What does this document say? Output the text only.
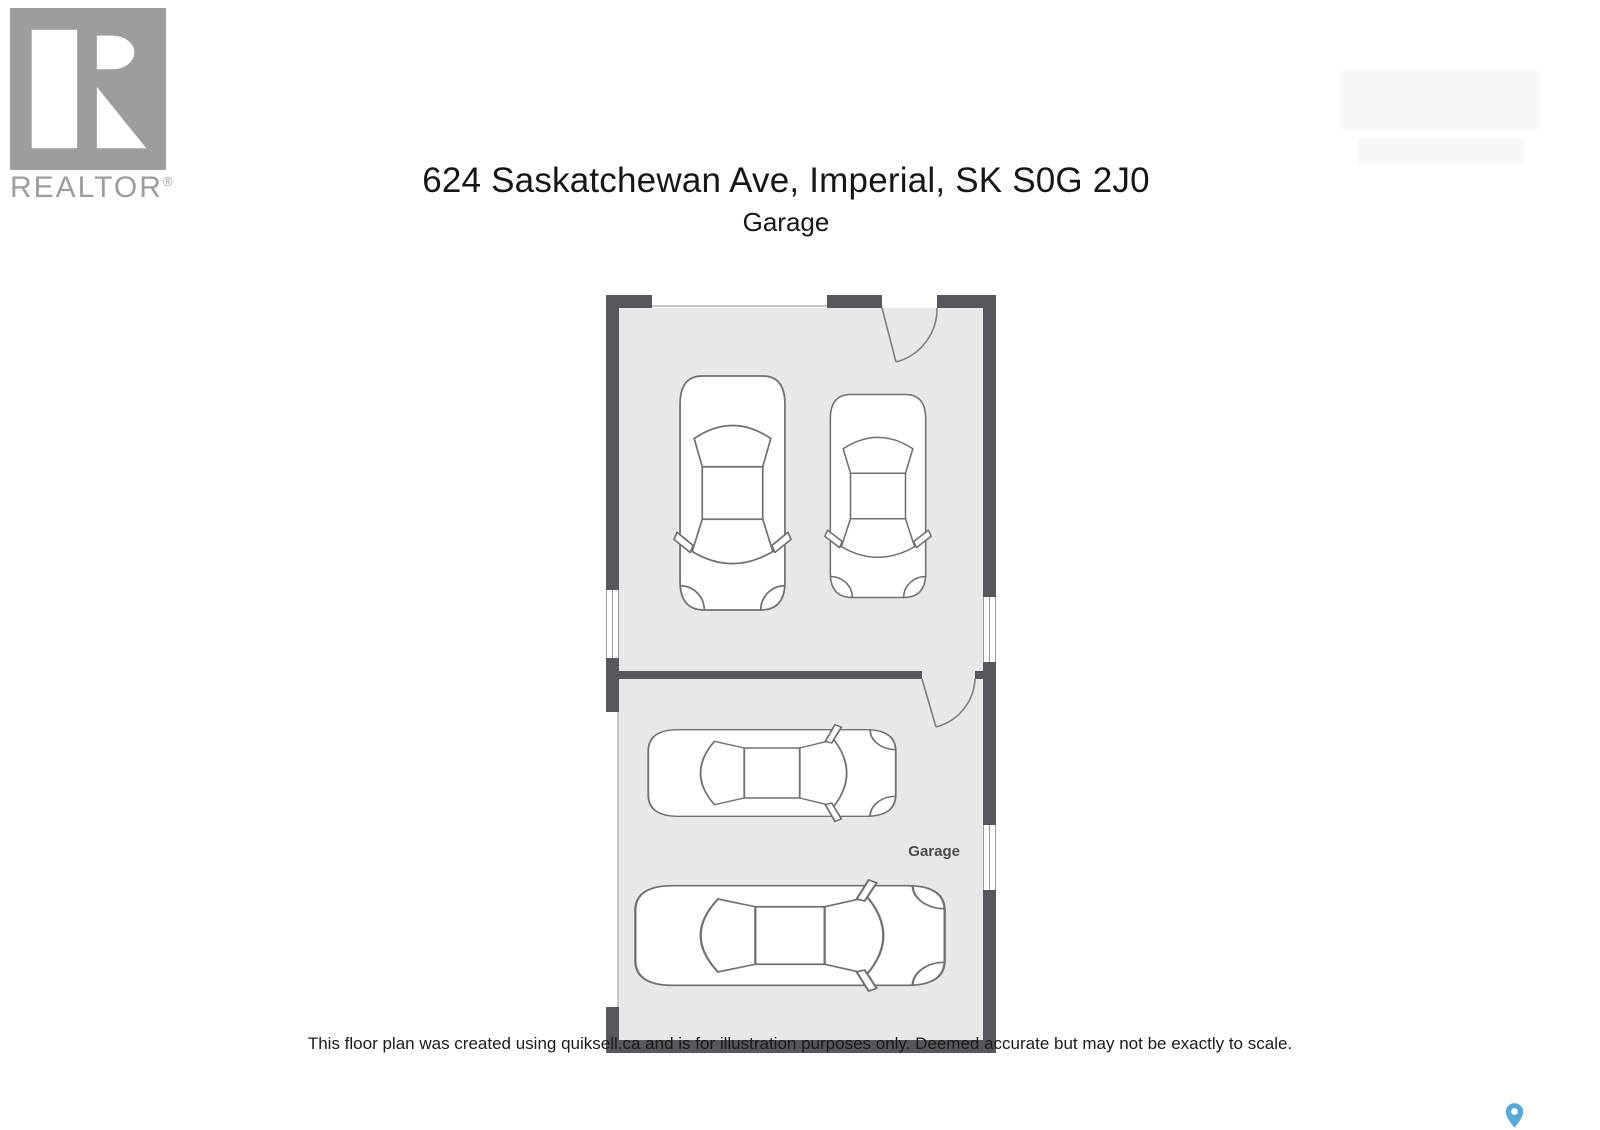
REALTOR®	624 Saskatchewan Ave, Imperial, SK S0G 2J0
Garage
Garage

This floor plan was created using quiksell.ca and is for illustration purposes only. Deemed accurate but may not be exactly to scale.
